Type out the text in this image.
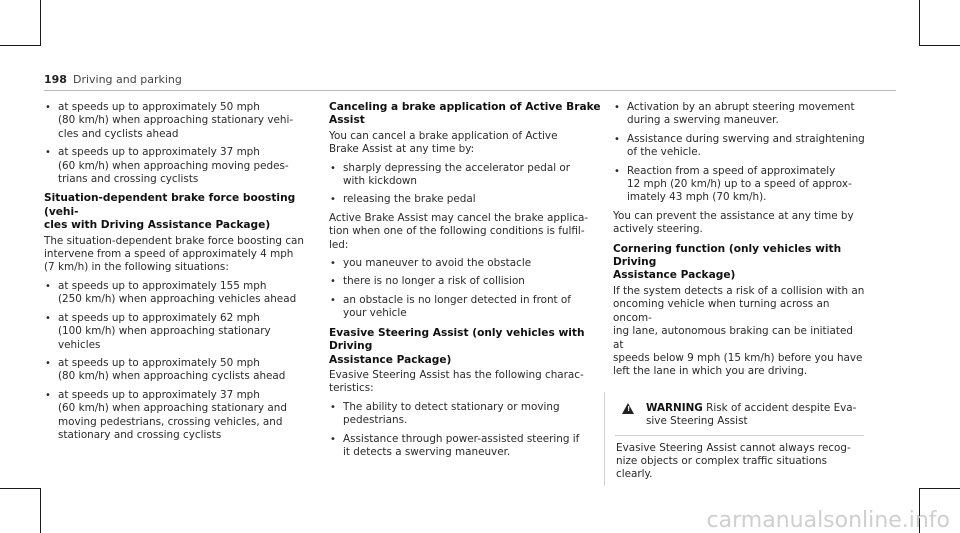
198 Driving and parking
• at speeds up to approximately 50 mph
(80 km/h) when approaching stationary vehi-
cles and cyclists ahead
• at speeds up to approximately 37 mph
(60 km/h) when approaching moving pedes-
trians and crossing cyclists
Situation-dependent brake force boosting (vehi-
cles with Driving Assistance Package)
The situation-dependent brake force boosting can
intervene from a speed of approximately 4 mph
(7 km/h) in the following situations:
• at speeds up to approximately 155 mph
(250 km/h) when approaching vehicles ahead
• at speeds up to approximately 62 mph
(100 km/h) when approaching stationary
vehicles
• at speeds up to approximately 50 mph
(80 km/h) when approaching cyclists ahead
• at speeds up to approximately 37 mph
(60 km/h) when approaching stationary and
moving pedestrians, crossing vehicles, and
stationary and crossing cyclists
Canceling a brake application of Active Brake
Assist
You can cancel a brake application of Active
Brake Assist at any time by:
• sharply depressing the accelerator pedal or
with kickdown
• releasing the brake pedal
Active Brake Assist may cancel the brake applica-
tion when one of the following conditions is fulfil-
led:
• you maneuver to avoid the obstacle
• there is no longer a risk of collision
• an obstacle is no longer detected in front of
your vehicle
Evasive Steering Assist (only vehicles with Driving
Assistance Package)
Evasive Steering Assist has the following charac-
teristics:
• The ability to detect stationary or moving
pedestrians.
• Assistance through power-assisted steering if
it detects a swerving maneuver.
• Activation by an abrupt steering movement
during a swerving maneuver.
• Assistance during swerving and straightening
of the vehicle.
• Reaction from a speed of approximately
12 mph (20 km/h) up to a speed of approx-
imately 43 mph (70 km/h).
You can prevent the assistance at any time by
actively steering.
Cornering function (only vehicles with Driving
Assistance Package)
If the system detects a risk of a collision with an
oncoming vehicle when turning across an oncom-
ing lane, autonomous braking can be initiated at
speeds below 9 mph (15 km/h) before you have
left the lane in which you are driving.
! WARNING Risk of accident despite Eva-
sive Steering Assist
Evasive Steering Assist cannot always recog-
nize objects or complex traffic situations
clearly.
carmanualsonline.info
